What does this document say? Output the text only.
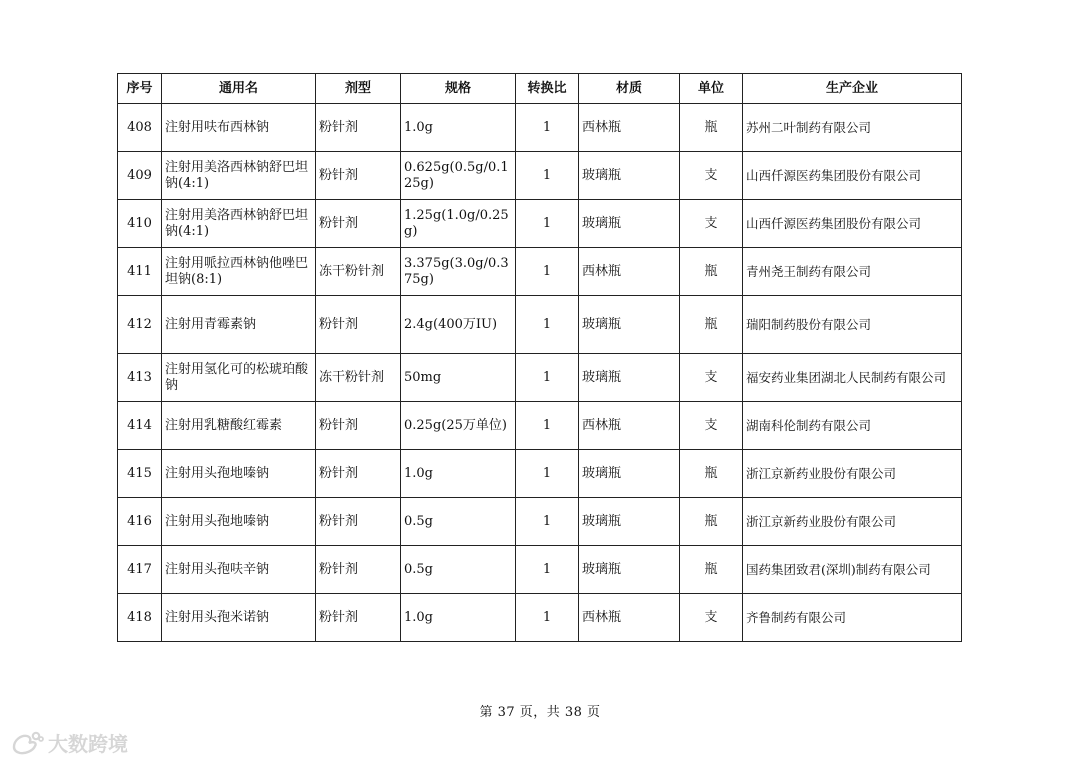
序号	通用名	剂型	规格	转换比	材质	单位	生产企业
408	注射用呋布西林钠	粉针剂	1.0g	1	西林瓶	瓶	苏州二叶制药有限公司
409	注射用美洛西林钠舒巴坦钠(4:1)	粉针剂	0.625g(0.5g/0.125g)	1	玻璃瓶	支	山西仟源医药集团股份有限公司
410	注射用美洛西林钠舒巴坦钠(4:1)	粉针剂	1.25g(1.0g/0.25g)	1	玻璃瓶	支	山西仟源医药集团股份有限公司
411	注射用哌拉西林钠他唑巴坦钠(8:1)	冻干粉针剂	3.375g(3.0g/0.375g)	1	西林瓶	瓶	青州尧王制药有限公司
412	注射用青霉素钠	粉针剂	2.4g(400万IU)	1	玻璃瓶	瓶	瑞阳制药股份有限公司
413	注射用氢化可的松琥珀酸钠	冻干粉针剂	50mg	1	玻璃瓶	支	福安药业集团湖北人民制药有限公司
414	注射用乳糖酸红霉素	粉针剂	0.25g(25万单位)	1	西林瓶	支	湖南科伦制药有限公司
415	注射用头孢地嗪钠	粉针剂	1.0g	1	玻璃瓶	瓶	浙江京新药业股份有限公司
416	注射用头孢地嗪钠	粉针剂	0.5g	1	玻璃瓶	瓶	浙江京新药业股份有限公司
417	注射用头孢呋辛钠	粉针剂	0.5g	1	玻璃瓶	瓶	国药集团致君(深圳)制药有限公司
418	注射用头孢米诺钠	粉针剂	1.0g	1	西林瓶	支	齐鲁制药有限公司
第 37 页，共 38 页
大数跨境
